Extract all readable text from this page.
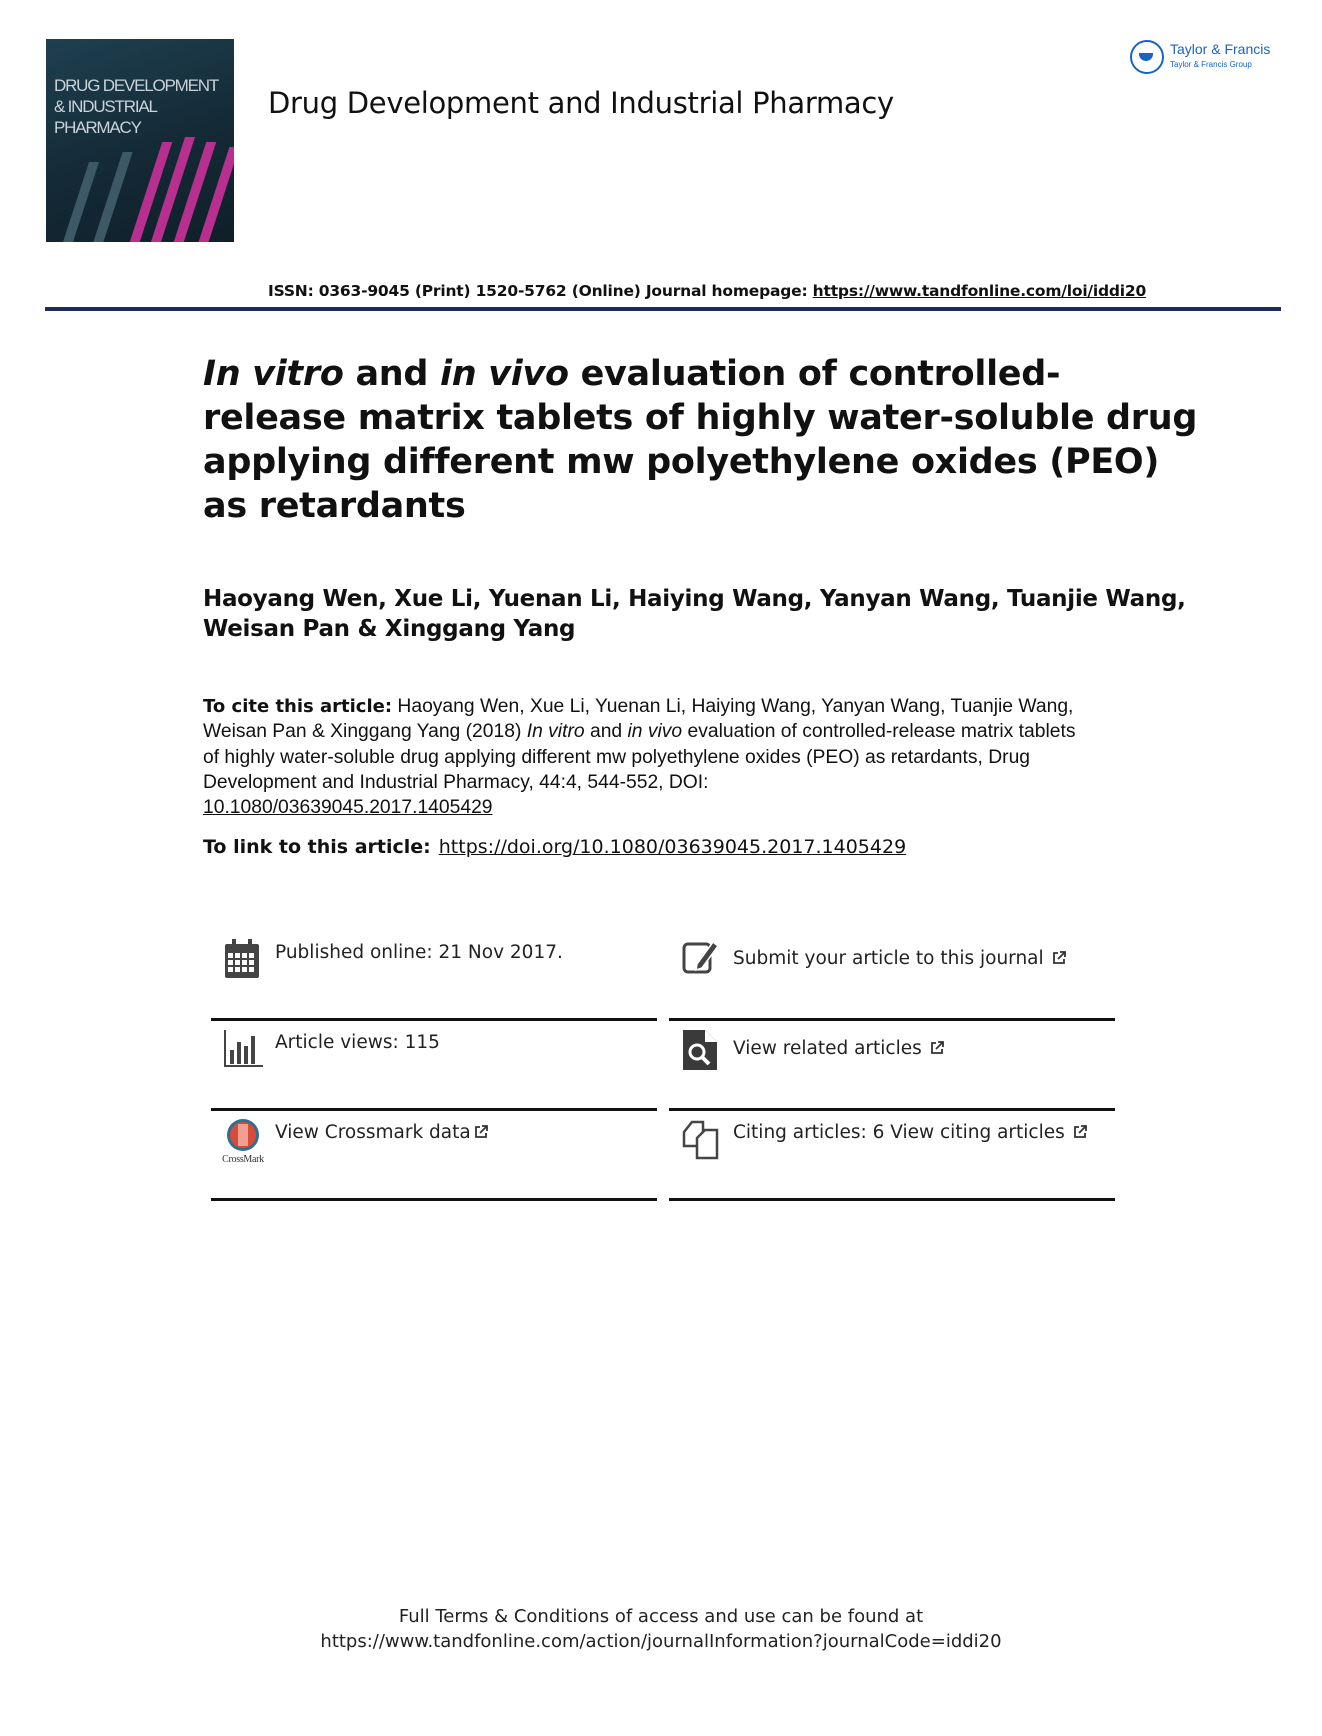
DRUG DEVELOPMENT
& INDUSTRIAL
PHARMACY
Drug Development and Industrial Pharmacy
Taylor & Francis
Taylor & Francis Group
ISSN: 0363-9045 (Print) 1520-5762 (Online) Journal homepage: https://www.tandfonline.com/loi/iddi20
In vitro and in vivo evaluation of controlled-
release matrix tablets of highly water-soluble drug
applying different mw polyethylene oxides (PEO)
as retardants
Haoyang Wen, Xue Li, Yuenan Li, Haiying Wang, Yanyan Wang, Tuanjie Wang,
Weisan Pan & Xinggang Yang
To cite this article: Haoyang Wen, Xue Li, Yuenan Li, Haiying Wang, Yanyan Wang, Tuanjie Wang, Weisan Pan & Xinggang Yang (2018) In vitro and in vivo evaluation of controlled-release matrix tablets of highly water-soluble drug applying different mw polyethylene oxides (PEO) as retardants, Drug Development and Industrial Pharmacy, 44:4, 544-552, DOI:
10.1080/03639045.2017.1405429
To link to this article: https://doi.org/10.1080/03639045.2017.1405429
Published online: 21 Nov 2017.	Submit your article to this journal
Article views: 115	View related articles
CrossMark
View Crossmark data	Citing articles: 6 View citing articles
Full Terms & Conditions of access and use can be found at
https://www.tandfonline.com/action/journalInformation?journalCode=iddi20
